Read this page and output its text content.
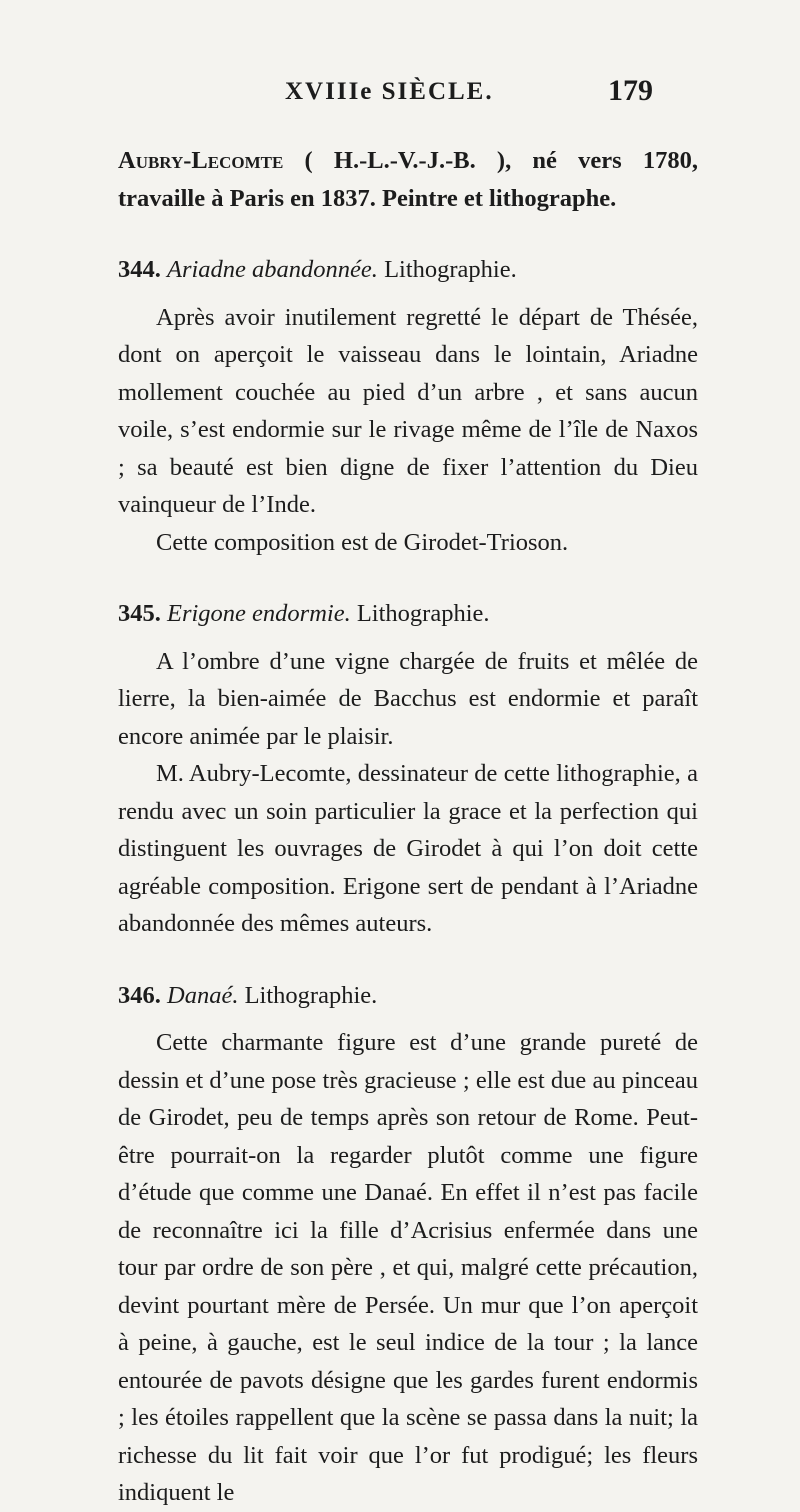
XVIIIe SIÈCLE.	179

Aubry-Lecomte ( H.-L.-V.-J.-B. ), né vers 1780, travaille à Paris en 1837. Peintre et lithographe.

344. Ariadne abandonnée. Lithographie.

Après avoir inutilement regretté le départ de Thésée, dont on aperçoit le vaisseau dans le lointain, Ariadne mollement couchée au pied d’un arbre , et sans aucun voile, s’est endormie sur le rivage même de l’île de Naxos ; sa beauté est bien digne de fixer l’attention du Dieu vainqueur de l’Inde.

Cette composition est de Girodet-Trioson.

345. Erigone endormie. Lithographie.

A l’ombre d’une vigne chargée de fruits et mêlée de lierre, la bien-aimée de Bacchus est endormie et paraît encore animée par le plaisir.

M. Aubry-Lecomte, dessinateur de cette lithographie, a rendu avec un soin particulier la grace et la perfection qui distinguent les ouvrages de Girodet à qui l’on doit cette agréable composition. Erigone sert de pendant à l’Ariadne abandonnée des mêmes auteurs.

346. Danaé. Lithographie.

Cette charmante figure est d’une grande pureté de dessin et d’une pose très gracieuse ; elle est due au pinceau de Girodet, peu de temps après son retour de Rome. Peut-être pourrait-on la regarder plutôt comme une figure d’étude que comme une Danaé. En effet il n’est pas facile de reconnaître ici la fille d’Acrisius enfermée dans une tour par ordre de son père , et qui, malgré cette précaution, devint pourtant mère de Persée. Un mur que l’on aperçoit à peine, à gauche, est le seul indice de la tour ; la lance entourée de pavots désigne que les gardes furent endormis ; les étoiles rappellent que la scène se passa dans la nuit; la richesse du lit fait voir que l’or fut prodigué; les fleurs indiquent le
